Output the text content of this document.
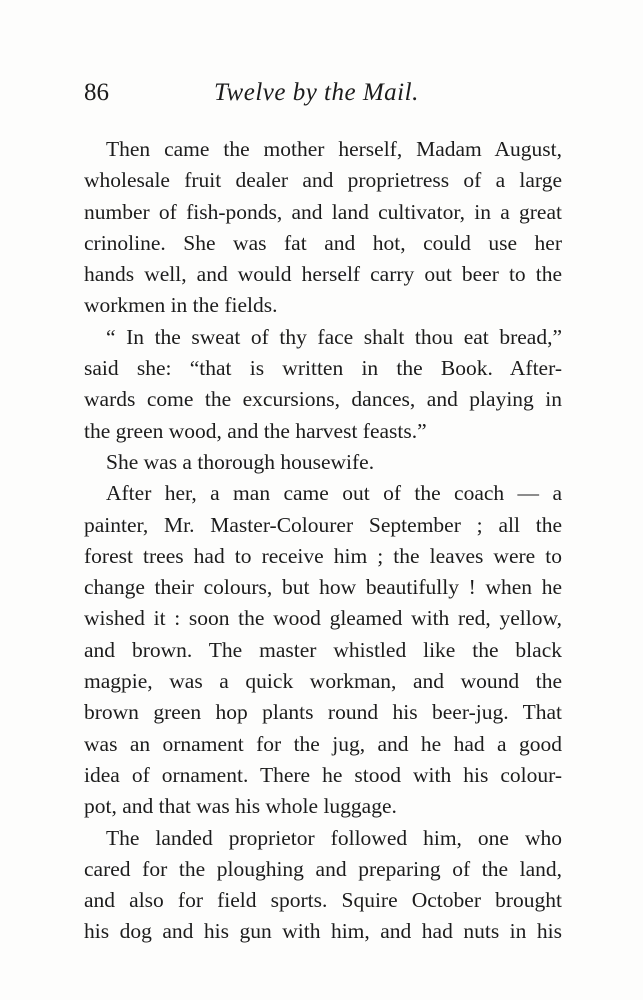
86	Twelve by the Mail.
Then came the mother herself, Madam August,
wholesale fruit dealer and proprietress of a large
number of fish-ponds, and land cultivator, in a great
crinoline. She was fat and hot, could use her
hands well, and would herself carry out beer to the
workmen in the fields.
“ In the sweat of thy face shalt thou eat bread,”
said she: “that is written in the Book. After-
wards come the excursions, dances, and playing in
the green wood, and the harvest feasts.”
She was a thorough housewife.
After her, a man came out of the coach — a
painter, Mr. Master-Colourer September ; all the
forest trees had to receive him ; the leaves were to
change their colours, but how beautifully ! when he
wished it : soon the wood gleamed with red, yellow,
and brown. The master whistled like the black
magpie, was a quick workman, and wound the
brown green hop plants round his beer-jug. That
was an ornament for the jug, and he had a good
idea of ornament. There he stood with his colour-
pot, and that was his whole luggage.
The landed proprietor followed him, one who
cared for the ploughing and preparing of the land,
and also for field sports. Squire October brought
his dog and his gun with him, and had nuts in his
